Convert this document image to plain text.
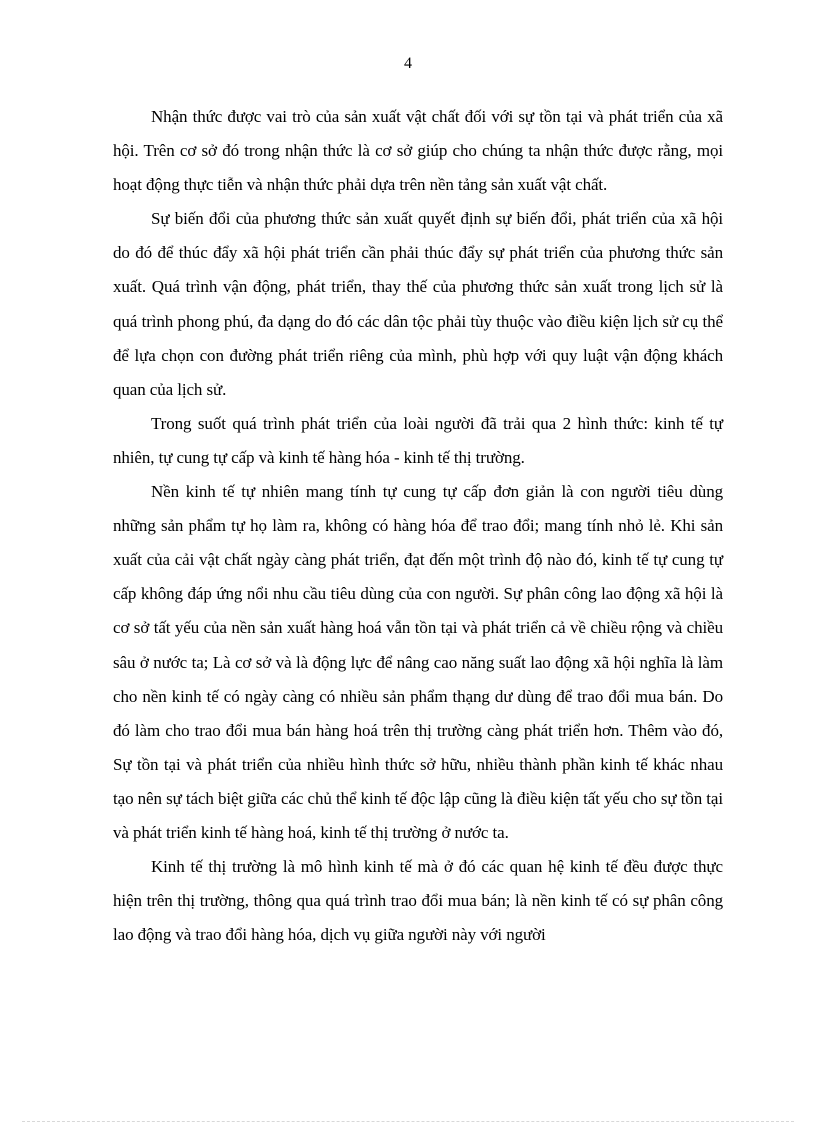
4

Nhận thức được vai trò của sản xuất vật chất đối với sự tồn tại và phát triển của xã hội. Trên cơ sở đó trong nhận thức là cơ sở giúp cho chúng ta nhận thức được rằng, mọi hoạt động thực tiễn và nhận thức phải dựa trên nền tảng sản xuất vật chất.

Sự biến đổi của phương thức sản xuất quyết định sự biến đổi, phát triển của xã hội do đó để thúc đẩy xã hội phát triển cần phải thúc đẩy sự phát triển của phương thức sản xuất. Quá trình vận động, phát triển, thay thế của phương thức sản xuất trong lịch sử là quá trình phong phú, đa dạng do đó các dân tộc phải tùy thuộc vào điều kiện lịch sử cụ thể để lựa chọn con đường phát triển riêng của mình, phù hợp với quy luật vận động khách quan của lịch sử.

Trong suốt quá trình phát triển của loài người đã trải qua 2 hình thức: kinh tế tự nhiên, tự cung tự cấp và kinh tế hàng hóa - kinh tế thị trường.

Nền kinh tế tự nhiên mang tính tự cung tự cấp đơn giản là con người tiêu dùng những sản phẩm tự họ làm ra, không có hàng hóa để trao đổi; mang tính nhỏ lẻ. Khi sản xuất của cải vật chất ngày càng phát triển, đạt đến một trình độ nào đó, kinh tế tự cung tự cấp không đáp ứng nổi nhu cầu tiêu dùng của con người. Sự phân công lao động xã hội là cơ sở tất yếu của nền sản xuất hàng hoá vẫn tồn tại và phát triển cả về chiều rộng và chiều sâu ở nước ta; Là cơ sở và là động lực để nâng cao năng suất lao động xã hội nghĩa là làm cho nền kinh tế có ngày càng có nhiều sản phẩm thạng dư dùng để trao đổi mua bán. Do đó làm cho trao đổi mua bán hàng hoá trên thị trường càng phát triển hơn. Thêm vào đó, Sự tồn tại và phát triển của nhiều hình thức sở hữu, nhiều thành phần kinh tế khác nhau tạo nên sự tách biệt giữa các chủ thể kinh tế độc lập cũng là điều kiện tất yếu cho sự tồn tại và phát triển kinh tế hàng hoá, kinh tế thị trường ở nước ta.

Kinh tế thị trường là mô hình kinh tế mà ở đó các quan hệ kinh tế đều được thực hiện trên thị trường, thông qua quá trình trao đổi mua bán; là nền kinh tế có sự phân công lao động và trao đổi hàng hóa, dịch vụ giữa người này với người
